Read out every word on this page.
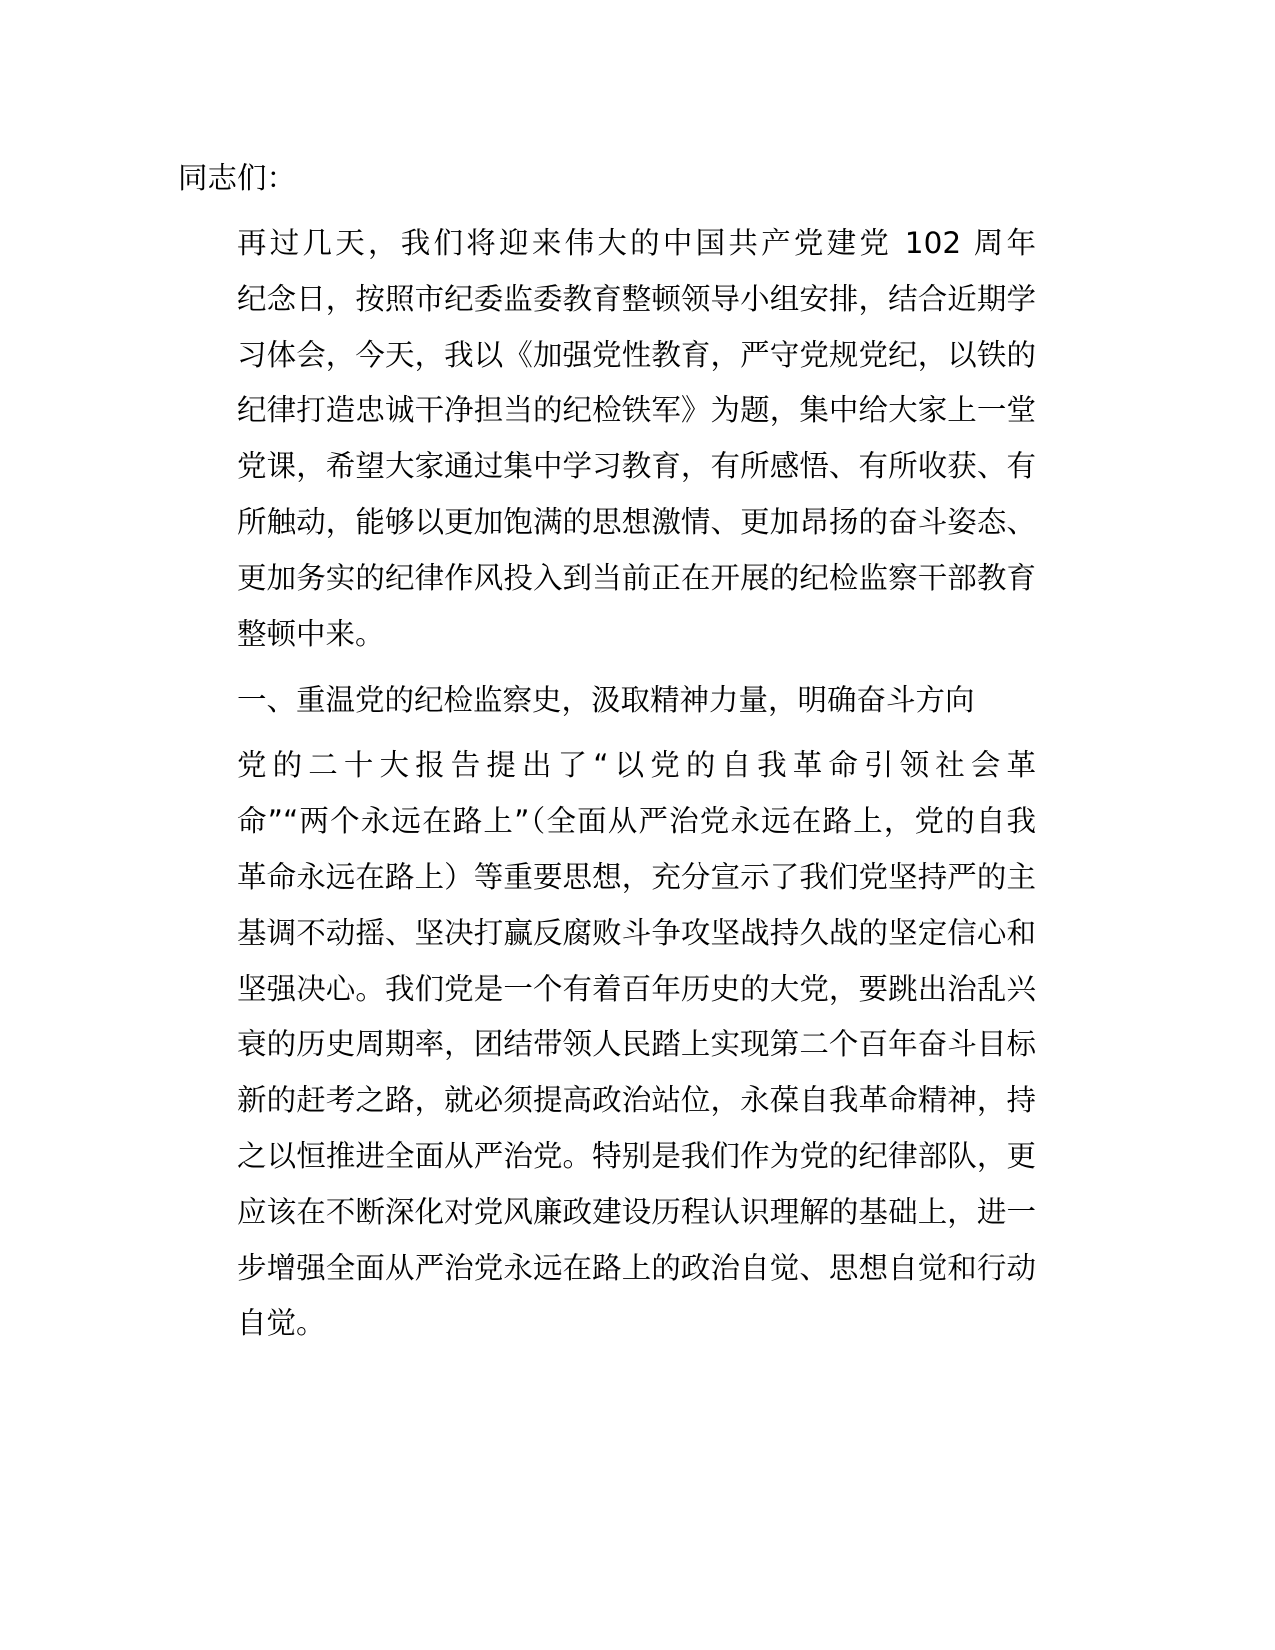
同志们：
再过几天，我们将迎来伟大的中国共产党建党 102 周年
纪念日，按照市纪委监委教育整顿领导小组安排，结合近期学
习体会，今天，我以《加强党性教育，严守党规党纪，以铁的
纪律打造忠诚干净担当的纪检铁军》为题，集中给大家上一堂
党课，希望大家通过集中学习教育，有所感悟、有所收获、有
所触动，能够以更加饱满的思想激情、更加昂扬的奋斗姿态、
更加务实的纪律作风投入到当前正在开展的纪检监察干部教育
整顿中来。
一、重温党的纪检监察史，汲取精神力量，明确奋斗方向
党的二十大报告提出了“以党的自我革命引领社会革
命”“两个永远在路上”（全面从严治党永远在路上，党的自我
革命永远在路上）等重要思想，充分宣示了我们党坚持严的主
基调不动摇、坚决打赢反腐败斗争攻坚战持久战的坚定信心和
坚强决心。我们党是一个有着百年历史的大党，要跳出治乱兴
衰的历史周期率，团结带领人民踏上实现第二个百年奋斗目标
新的赶考之路，就必须提高政治站位，永葆自我革命精神，持
之以恒推进全面从严治党。特别是我们作为党的纪律部队，更
应该在不断深化对党风廉政建设历程认识理解的基础上，进一
步增强全面从严治党永远在路上的政治自觉、思想自觉和行动
自觉。
